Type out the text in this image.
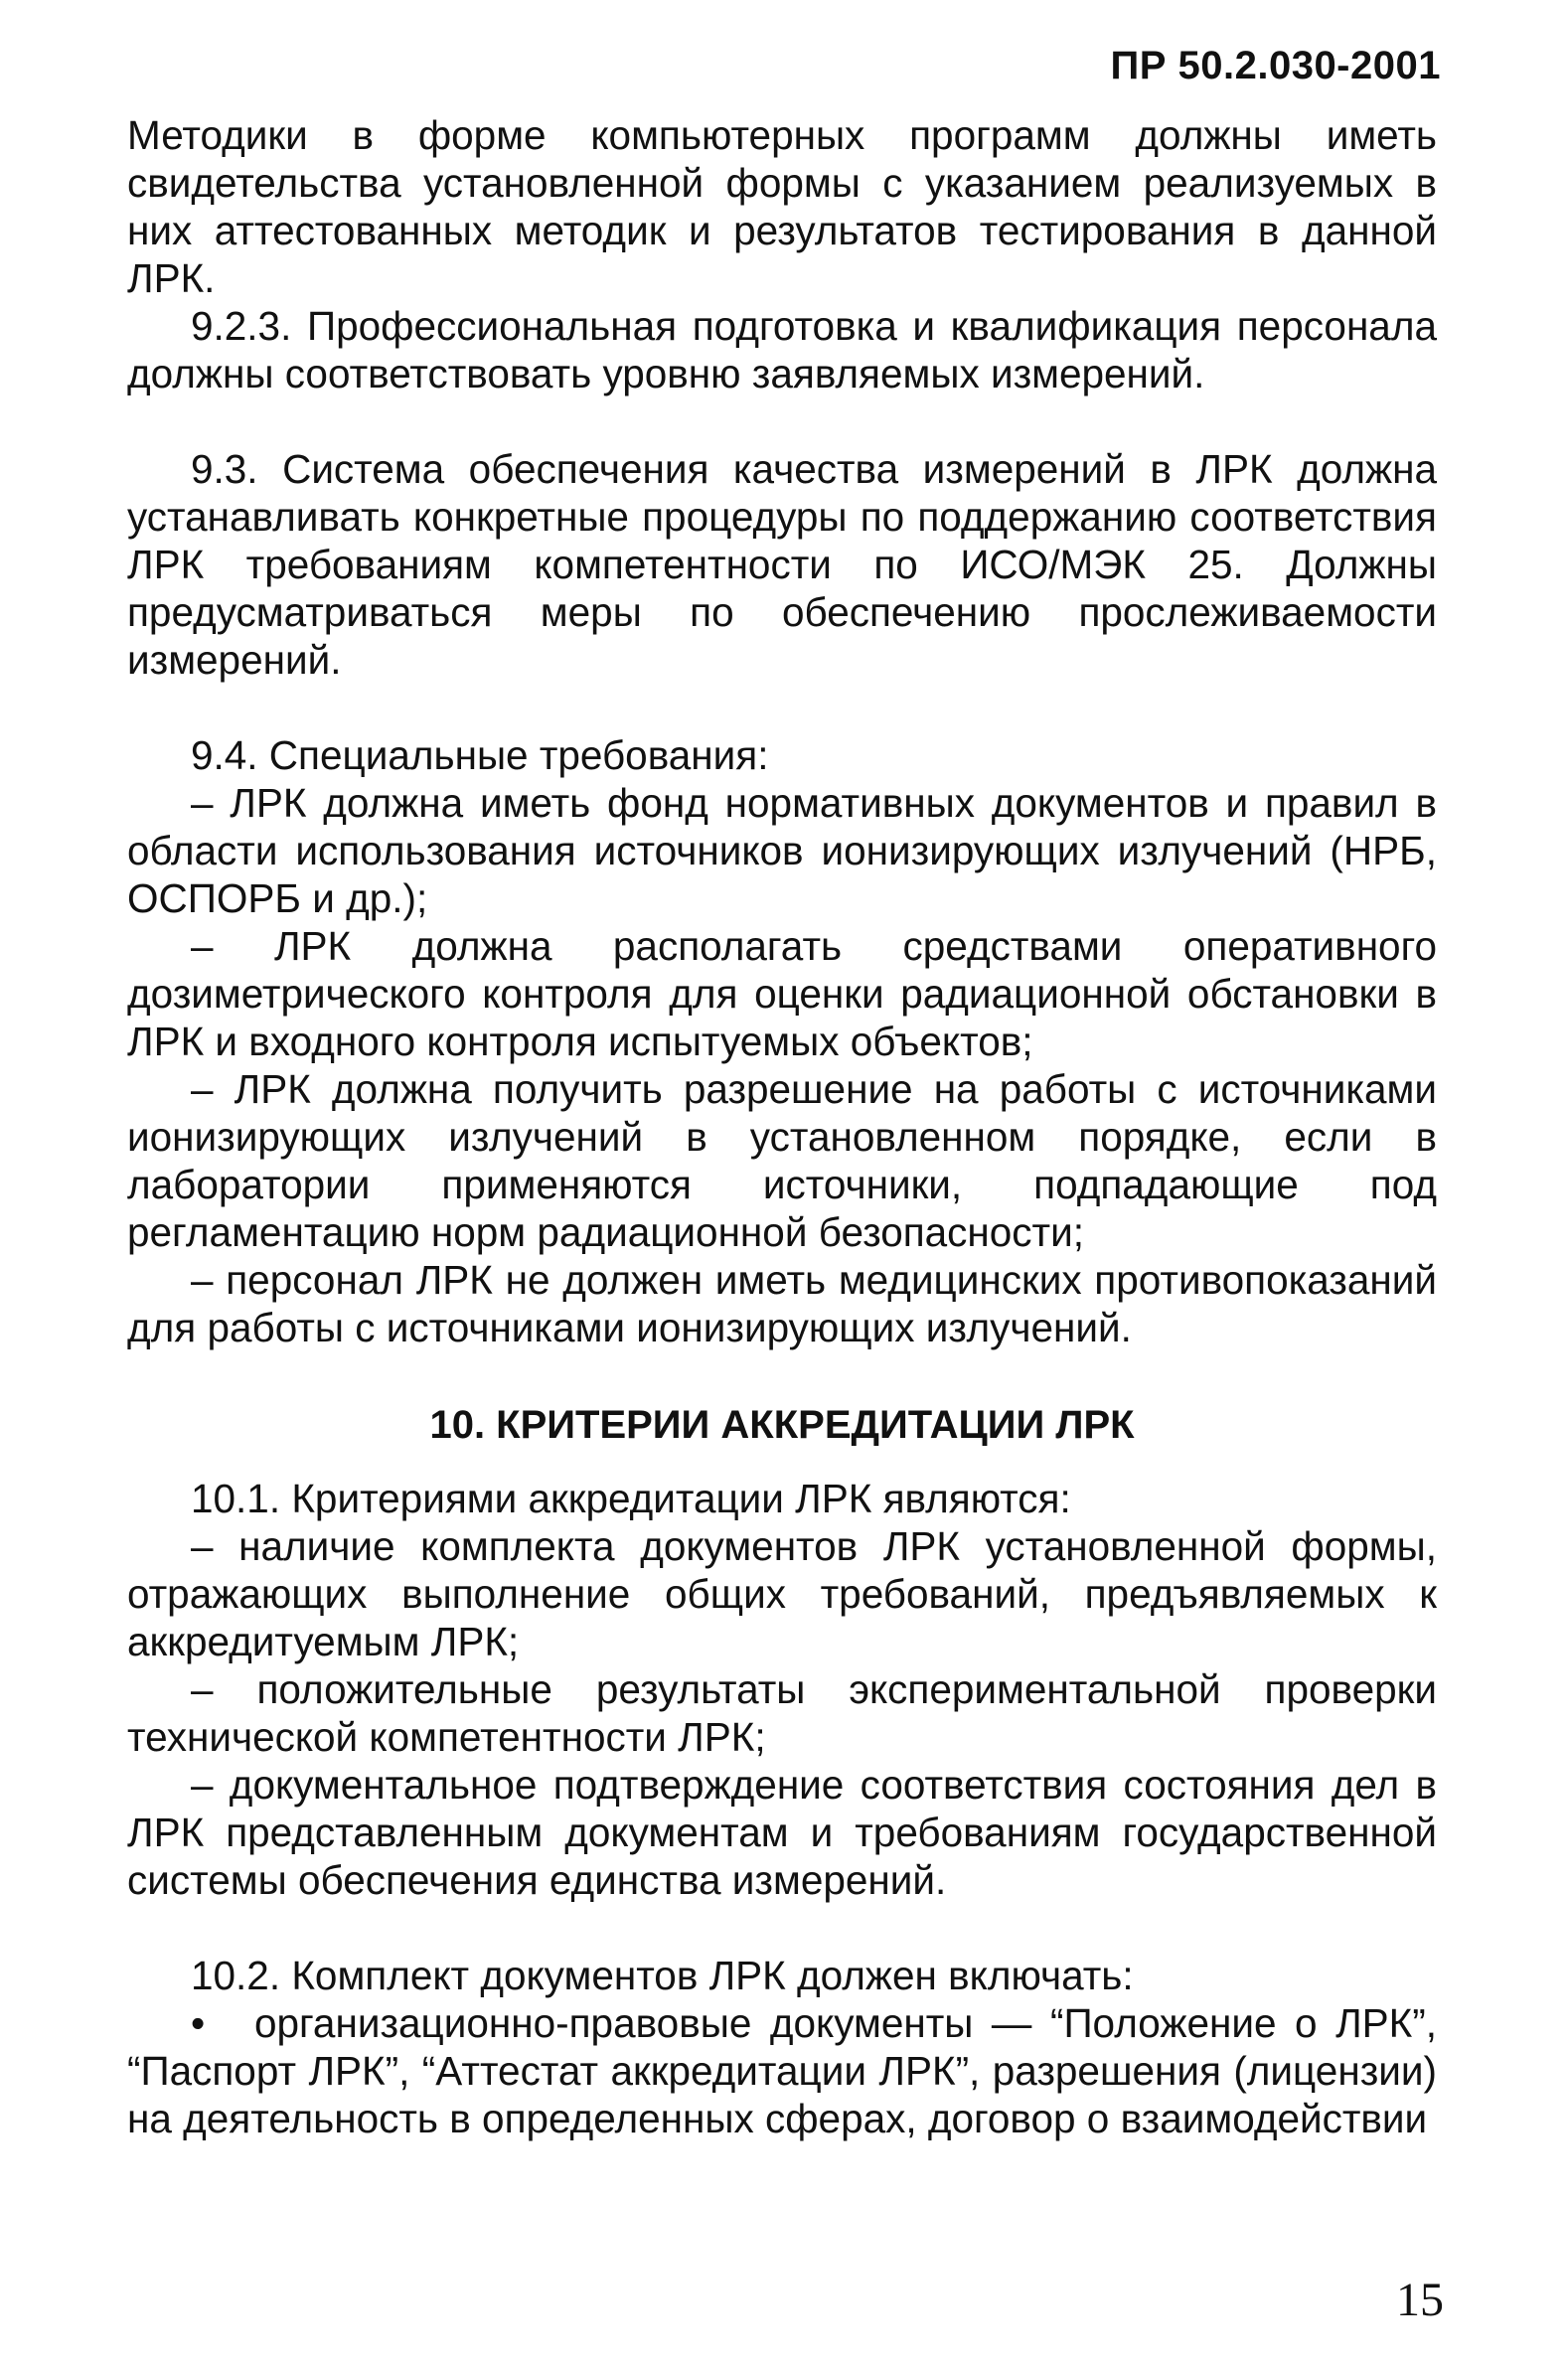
ПР 50.2.030-2001

Методики в форме компьютерных программ должны иметь свидетельства установленной формы с указанием реализуемых в них аттестованных методик и результатов тестирования в данной ЛРК.

9.2.3. Профессиональная подготовка и квалификация персонала должны соответствовать уровню заявляемых измерений.

9.3. Система обеспечения качества измерений в ЛРК должна устанавливать конкретные процедуры по поддержанию соответствия ЛРК требованиям компетентности по ИСО/МЭК 25. Должны предусматриваться меры по обеспечению прослеживаемости измерений.

9.4. Специальные требования:

– ЛРК должна иметь фонд нормативных документов и правил в области использования источников ионизирующих излучений (НРБ, ОСПОРБ и др.);

– ЛРК должна располагать средствами оперативного дозиметрического контроля для оценки радиационной обстановки в ЛРК и входного контроля испытуемых объектов;

– ЛРК должна получить разрешение на работы с источниками ионизирующих излучений в установленном порядке, если в лаборатории применяются источники, подпадающие под регламентацию норм радиационной безопасности;

– персонал ЛРК не должен иметь медицинских противопоказаний для работы с источниками ионизирующих излучений.

10. КРИТЕРИИ АККРЕДИТАЦИИ ЛРК

10.1. Критериями аккредитации ЛРК являются:

– наличие комплекта документов ЛРК установленной формы, отражающих выполнение общих требований, предъявляемых к аккредитуемым ЛРК;

– положительные результаты экспериментальной проверки технической компетентности ЛРК;

– документальное подтверждение соответствия состояния дел в ЛРК представленным документам и требованиям государственной системы обеспечения единства измерений.

10.2. Комплект документов ЛРК должен включать:

• организационно-правовые документы — “Положение о ЛРК”, “Паспорт ЛРК”, “Аттестат аккредитации ЛРК”, разрешения (лицензии) на деятельность в определенных сферах, договор о взаимодействии

15
